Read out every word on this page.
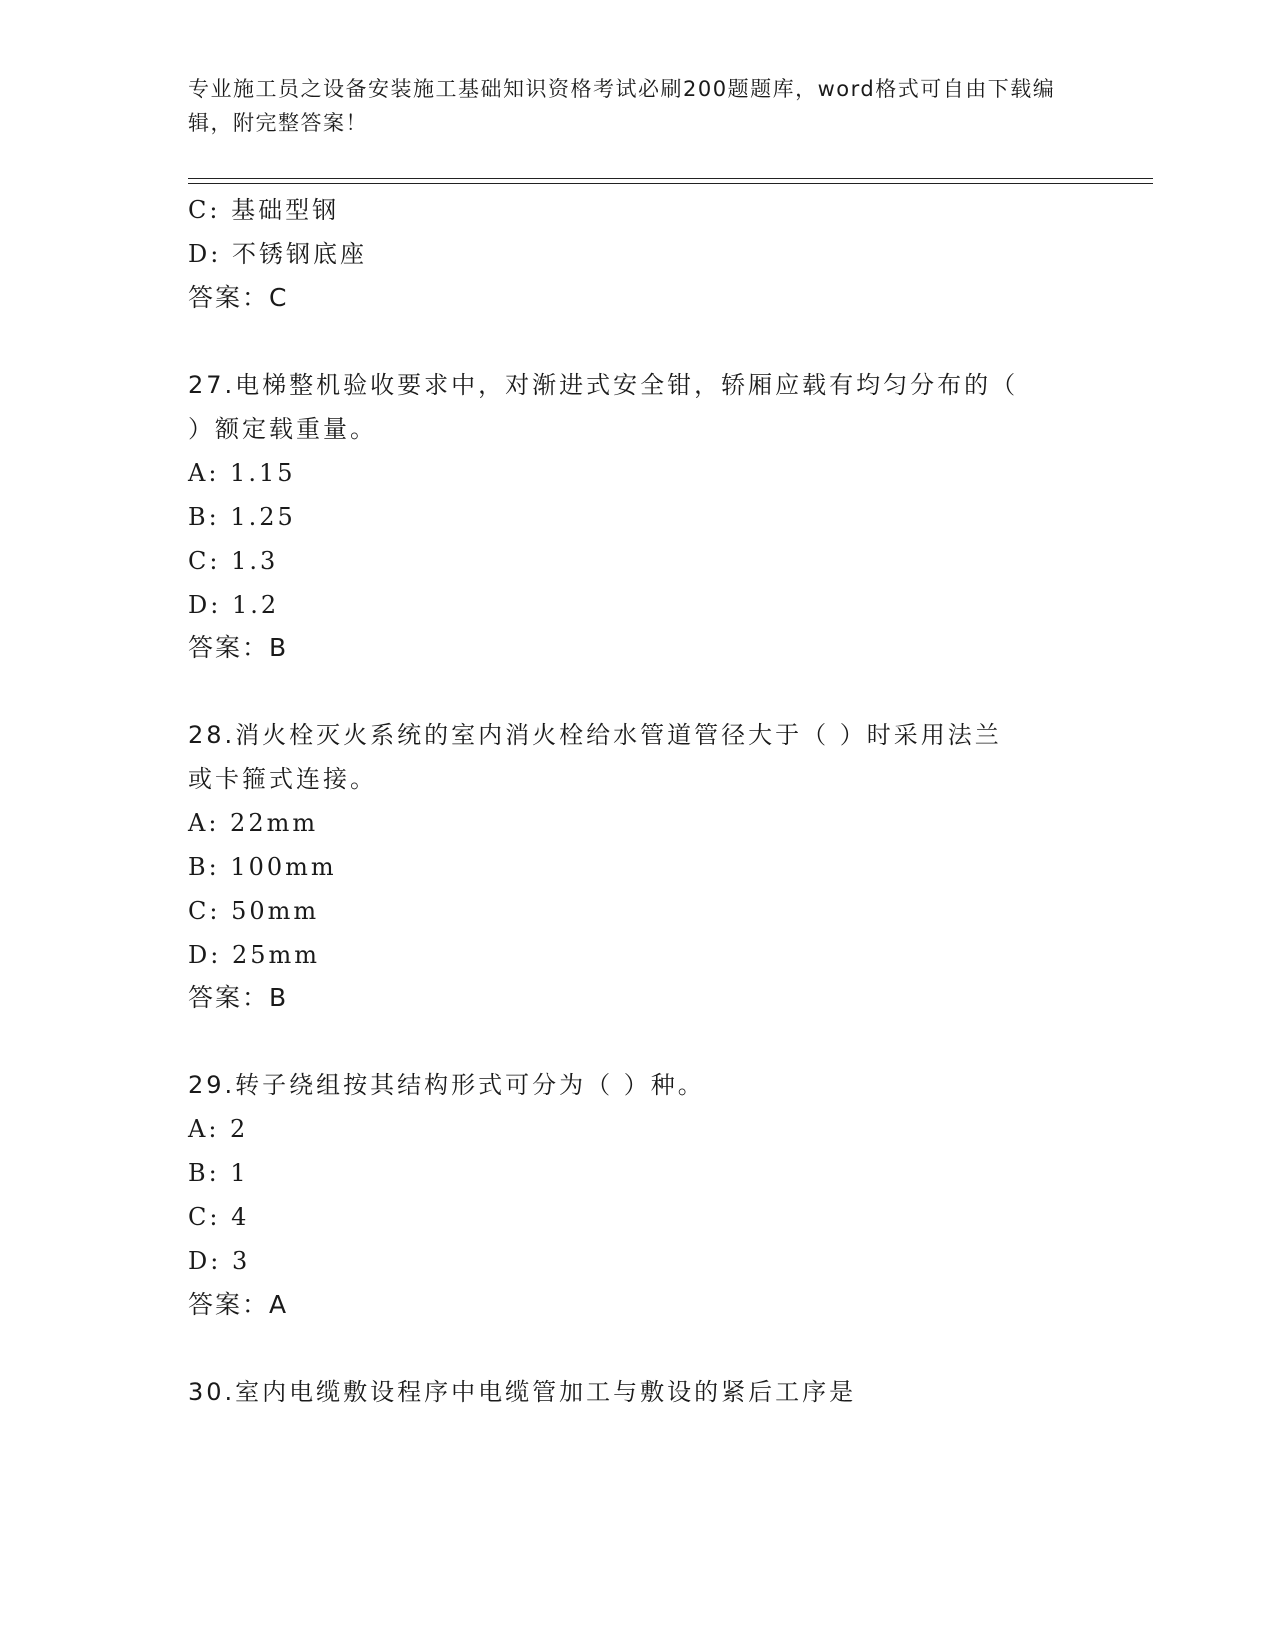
专业施工员之设备安装施工基础知识资格考试必刷200题题库，word格式可自由下载编辑，附完整答案！
C: 基础型钢
D: 不锈钢底座
答案：C
27.电梯整机验收要求中，对渐进式安全钳，轿厢应载有均匀分布的（
）额定载重量。
A: 1.15
B: 1.25
C: 1.3
D: 1.2
答案：B
28.消火栓灭火系统的室内消火栓给水管道管径大于（ ）时采用法兰
或卡箍式连接。
A: 22mm
B: 100mm
C: 50mm
D: 25mm
答案：B
29.转子绕组按其结构形式可分为（ ）种。
A: 2
B: 1
C: 4
D: 3
答案：A
30.室内电缆敷设程序中电缆管加工与敷设的紧后工序是
